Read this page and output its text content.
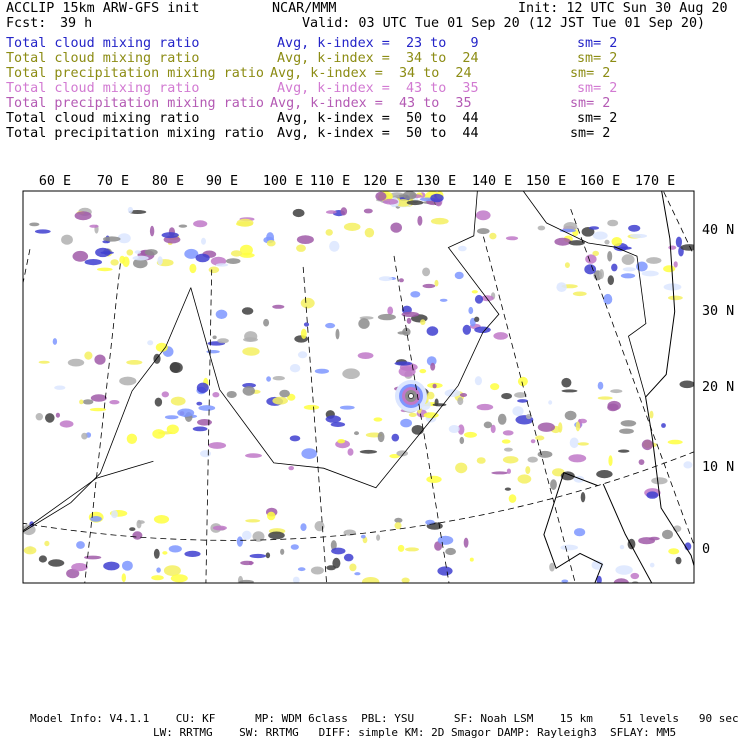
ACCLIP 15km ARW-GFS init	NCAR/MMM	Init: 12 UTC Sun 30 Aug 20
Fcst: 39 h	Valid: 03 UTC Tue 01 Sep 20 (12 JST Tue 01 Sep 20)
Total cloud mixing ratio	Avg, k-index =  23 to   9	sm= 2
Total cloud mixing ratio	Avg, k-index =  34 to  24	sm= 2
Total precipitation mixing ratio Avg, k-index =  34 to  24	sm= 2
Total cloud mixing ratio	Avg, k-index =  43 to  35	sm= 2
Total precipitation mixing ratio Avg, k-index =  43 to  35	sm= 2
Total cloud mixing ratio	Avg, k-index =  50 to  44	sm= 2
Total precipitation mixing ratio Avg, k-index =  50 to  44	sm= 2
60 E 70 E 80 E 90 E 100 E 110 E 120 E 130 E 140 E 150 E 160 E 170 E
40 N
30 N
20 N
10 N
0
Model Info: V4.1.1    CU: KF      MP: WDM 6class  PBL: YSU      SF: Noah LSM    15 km    51 levels   90 sec
LW: RRTMG    SW: RRTMG   DIFF: simple KM: 2D Smagor DAMP: Rayleigh3  SFLAY: MM5
